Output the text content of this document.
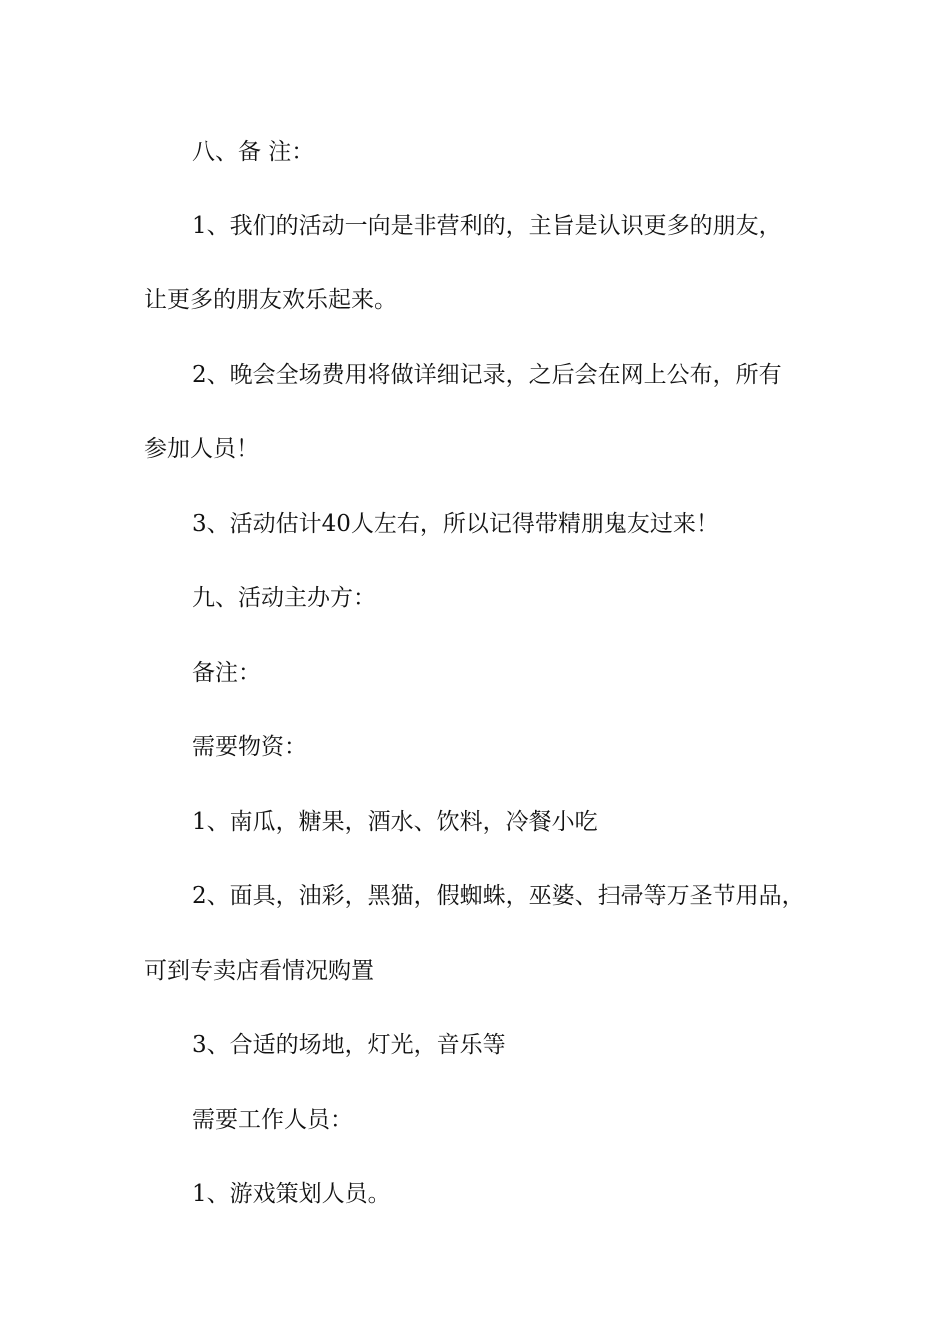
八、备 注：
1、我们的活动一向是非营利的，主旨是认识更多的朋友，
让更多的朋友欢乐起来。
2、晚会全场费用将做详细记录，之后会在网上公布，所有
参加人员！
3、活动估计40人左右，所以记得带精朋鬼友过来！
九、活动主办方：
备注：
需要物资：
1、南瓜，糖果，酒水、饮料，冷餐小吃
2、面具，油彩，黑猫，假蜘蛛，巫婆、扫帚等万圣节用品，
可到专卖店看情况购置
3、合适的场地，灯光，音乐等
需要工作人员：
1、游戏策划人员。
